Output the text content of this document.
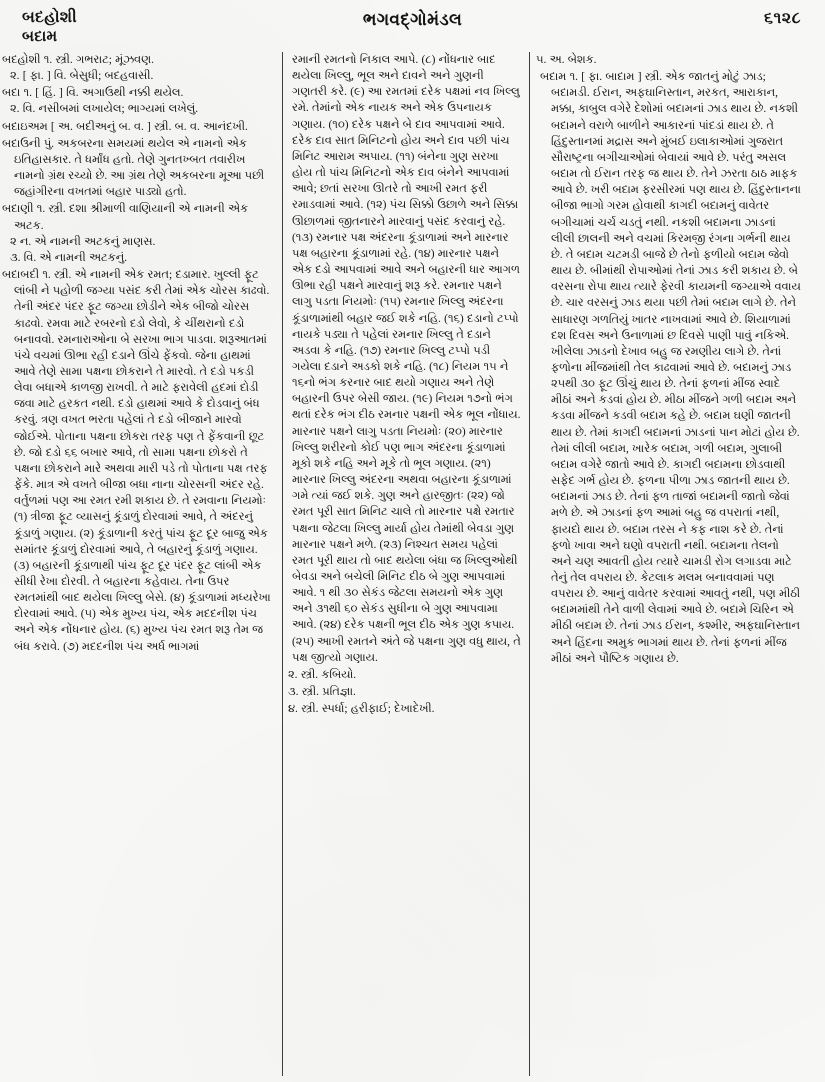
બદહોશી
બદામ
ભગવદ્ગોમંડલ	૬૧૨૮

બદહોશી ૧. સ્ત્રી. ગભરાટ; મૂંઝવણ.

૨. [ ફા. ] વિ. બેસુધી; બદહવાસી.

બદા ૧. [ હિં. ] વિ. અગાઉથી નક્કી થયેલ.

૨. વિ. નસીબમાં લખાયેલ; ભાગ્યમાં લખેલું.

બદાઇઅમ [ અ. બદીઅનું બ. વ. ] સ્ત્રી. બ. વ. આનંદખી.

બદાઉની પું. અકબરના સમયમાં થયેલ એ નામનો એક ઇતિહાસકાર. તે ધર્માંધ હતો. તેણે ગુનતખ્બત તવારીખ નામનો ગ્રંથ રચ્યો છે. આ ગ્રંથ તેણે અકબરના મૂઆ પછી જહાંગીરના વખતમાં બહાર પાડ્યો હતો.

બદાણી ૧. સ્ત્રી. દશા શ્રીમાળી વાણિયાની એ નામની એક અટક.

૨ ન. એ નામની અટકનું માણસ.

૩. વિ. એ નામની અટકનું.

બદાબદી ૧. સ્ત્રી. એ નામની એક રમત; દડામાર. ખુલ્લી ફૂટ લાંબી ને પહોળી જગ્યા પસંદ કરી તેમાં એક ચોરસ કાઢવો. તેની અંદર પંદર ફૂટ જગ્યા છોડીને એક બીજો ચોરસ કાઢવો. રમવા માટે રબરનો દડો લેવો, કે ચીંથરાનો દડો બનાવવો. રમનારાઓના બે સરખા ભાગ પાડવા. શરૂઆતમાં પંચે વચમાં ઊભા રહી દડાને ઊંચે ફેંકવો. જેના હાથમાં આવે તેણે સામા પક્ષના છોકરાને તે મારવો. તે દડો પકડી લેવા બધાએ કાળજી રાખવી. તે માટે ફરાવેલી હદમાં દોડી જવા માટે હરકત નથી. દડો હાથમાં આવે કે દોડવાનું બંધ કરવું. ત્રણ વખત ભરતા પહેલાં તે દડો બીજાને મારવો જોઈએ. પોતાના પક્ષના છોકરા તરફ પણ તે ફેંકવાની છૂટ છે. જો દડો ૬૬ બખાર આવે, તો સામા પક્ષના છોકરો તે પક્ષના છોકરાને મારે અથવા મારી પડે તો પોતાના પક્ષ તરફ ફેંકે. માત્ર એ વખતે બીજા બધા નાના ચોરસની અંદર રહે. વર્તુળમાં પણ આ રમત રમી શકાય છે. તે રમવાના નિયમોઃ (૧) ત્રીજા ફૂટ વ્યાસનું કૂંડાળું દોરવામાં આવે, તે અંદરનું કૂંડાળું ગણાય. (૨) કૂંડાળાની કરતું પાંચ ફૂટ દૂર બાજુ એક સમાંતર કૂંડાળું દોરવામાં આવે, તે બહારનું કૂંડાળું ગણાય. (૩) બહારની કૂંડાળાથી પાંચ ફૂટ દૂર પંદર ફૂટ લાંબી એક સીધી રેખા દોરવી. તે બહારના કહેવાય. તેના ઉપર રમતમાંથી બાદ થયેલા ખિલ્લુ બેસે. (૪) કૂંડાળામાં મધ્યરેખા દોરવામાં આવે. (૫) એક મુખ્ય પંચ, એક મદદનીશ પંચ અને એક નોંધનાર હોય. (૬) મુખ્ય પંચ રમત શરૂ તેમ જ બંધ કરાવે. (૭) મદદનીશ પંચ અર્ધ ભાગમાં

રમાની રમતનો નિકાલ આપે. (૮) નોંધનાર બાદ થયેલા ખિલ્લુ, ભૂલ અને દાવને અને ગુણની ગણતરી કરે. (૯) આ રમતમાં દરેક પક્ષમાં નવ ખિલ્લુ રમે. તેમાંનો એક નાયક અને એક ઉપનાયક ગણાય. (૧૦) દરેક પક્ષને બે દાવ આપવામાં આવે. દરેક દાવ સાત મિનિટનો હોય અને દાવ પછી પાંચ મિનિટ આરામ અપાય. (૧૧) બંનેના ગુણ સરખા હોય તો પાંચ મિનિટનો એક દાવ બંનેને આપવામાં આવે; છતાં સરખા ઊતરે તો આખી રમત ફરી રમાડવામાં આવે. (૧૨) પંચ સિક્કો ઉછાળે અને સિક્કા ઊછાળમાં જીતનારને મારવાનું પસંદ કરવાનું રહે. (૧૩) રમનાર પક્ષ અંદરના કૂંડાળામાં અને મારનાર પક્ષ બહારના કૂંડાળામાં રહે. (૧૪) મારનાર પક્ષને એક દડો આપવામાં આવે અને બહારની ધાર આગળ ઊભા રહી પક્ષને મારવાનું શરૂ કરે. રમનાર પક્ષને લાગુ પડતા નિયમોઃ (૧૫) રમનાર ખિલ્લુ અંદરના કૂંડાળામાંથી બહાર જઈ શકે નહિ. (૧૬) દડાનો ટપ્પો નાયકે પડ્યા તે પહેલાં રમનાર ખિલ્લુ તે દડાને અડવા કે નહિ. (૧૭) રમનાર ખિલ્લુ ટપ્પો પડી ગયેલા દડાને અડકો શકે નહિ. (૧૮) નિયમ ૧૫ ને ૧૬નો ભંગ કરનાર બાદ થયો ગણાય અને તેણે બહારની ઉપર બેસી જાય. (૧૯) નિયમ ૧૭નો ભંગ થતાં દરેક ભંગ દીઠ રમનાર પક્ષની એક ભૂલ નોંધાય. મારનાર પક્ષને લાગુ પડતા નિયમોઃ (૨૦) મારનાર ખિલ્લુ શરીરનો કોઈ પણ ભાગ અંદરના કૂંડાળામાં મૂકો શકે નહિ અને મૂકે તો ભૂલ ગણાય. (૨૧) મારનાર ખિલ્લુ અંદરના અથવા બહારના કૂંડાળામાં ગમે ત્યાં જઈ શકે. ગુણ અને હારજીતઃ (૨૨) જો રમત પૂરી સાત મિનિટ ચાલે તો મારનાર પક્ષે રમતાર પક્ષના જેટલા ખિલ્લુ માર્યા હોય તેમાંથી બેવડા ગુણ મારનાર પક્ષને મળે. (૨૩) નિશ્ચત સમય પહેલાં રમત પૂરી થાય તો બાદ થયેલા બંધા જ ખિલ્લુઓથી બેવડા અને બચેલી મિનિટ દીઠ બે ગુણ આપવામાં આવે. ૧ થી ૩૦ સેકંડ જેટલા સમયનો એક ગુણ અને ૩૧થી ૬૦ સેકંડ સુધીના બે ગુણ આપવામા આવે. (૨૪) દરેક પક્ષની ભૂલ દીઠ એક ગુણ કપાય. (૨૫) આખી રમતને અંતે જે પક્ષના ગુણ વધુ થાય, તે પક્ષ જીત્યો ગણાય.

૨. સ્ત્રી. કબિયો.

૩. સ્ત્રી. પ્રતિજ્ઞા.

૪. સ્ત્રી. સ્પર્ધા; હરીફાઈ; દેખાદેખી.

૫. અ. બેશક.

બદામ ૧. [ ફા. બાદામ ] સ્ત્રી. એક જાતનું મોટું ઝાડ; બદામડી. ઈરાન, અફઘાનિસ્તાન, મરકત, આરાકાન, મક્કા, કાબુલ વગેરે દેશોમાં બદામનાં ઝાડ થાય છે. નકશી બદામને વરાળે બાળીને આકારનાં પાંદડાં થાય છે. તે હિંદુસ્તાનમાં મદ્રાસ અને મુંબઈ ઇલાકાઓમાં ગુજરાત સૌરાષ્ટ્રના બગીચાઓમાં બેવાયાં આવે છે. પરંતુ અસલ બદામ તો ઈરાન તરફ જ થાય છે. તેને ઝરતા ઠાઠ માફક આવે છે. ખરી બદામ ફરસીરમાં પણ થાય છે. હિંદુસ્તાનના બીજા ભાગો ગરમ હોવાથી કાગદી બદામનું વાવેતર બગીચામાં ચર્ચ ચડતું નથી. નકશી બદામના ઝાડનાં લીલી છાલની અને વચમાં કિરમજી રંગના ગર્ભની થાય છે. તે બદામ ચટમડી બાજે છે તેનો ફળીયો બદામ જેવો થાય છે. બીમાંથી રોપાઓમાં તેનાં ઝાડ કરી શકાય છે. બે વરસના રોપા થાય ત્યારે ફેરવી કાયમની જગ્યાએ વવાય છે. ચાર વરસનું ઝાડ થયા પછી તેમાં બદામ લાગે છે. તેને સાધારણ ગળતિયું ખાતર નાખવામાં આવે છે. શિયાળામાં દશ દિવસ અને ઉનાળામાં છ દિવસે પાણી પાવું નકિએ. ખીલેલા ઝાડનો દેખાવ બહુ જ રમણીય લાગે છે. તેનાં ફળોના મીંજમાંથી તેલ કાઢવામાં આવે છે. બદામનું ઝાડ ૨૫થી ૩૦ ફૂટ ઊંચું થાય છે. તેનાં ફળનાં મીંજ સ્વાદે મીઠાં અને કડવાં હોય છે. મીઠા મીંજને ગળી બદામ અને કડવા મીંજને કડવી બદામ કહે છે. બદામ ઘણી જાતની થાય છે. તેમાં કાગદી બદામનાં ઝાડનાં પાન મોટાં હોય છે. તેમાં લીલી બદામ, ખારેક બદામ, ગળી બદામ, ગુલાબી બદામ વગેરે જાતો આવે છે. કાગદી બદામના છોડવાથી સફેદ ગર્ભ હોય છે. ફળના પીળા ઝાડ જાતની થાય છે. બદામનાં ઝાડ છે. તેનાં ફળ તાજાં બદામની જાતો જેવાં મળે છે. એ ઝાડનાં ફળ આમાં બહુ જ વપરાતાં નથી, ફાયદો થાય છે. બદામ તરસ ને કફ નાશ કરે છે. તેનાં ફળો ખાવા અને ઘણો વપરાતી નથી. બદામના તેલનો અને ચણ આવતી હોય ત્યારે ચામડી રોગ લગાડવા માટે તેનું તેલ વપરાય છે. કેટલાક મલમ બનાવવામાં પણ વપરાય છે. આનું વાવેતર કરવામાં આવતું નથી, પણ મીઠી બદામમાંથી તેને વાળી લેવામાં આવે છે. બદામે ચિરિન એ મીઠી બદામ છે. તેનાં ઝાડ ઈરાન, કશ્મીર, અફઘાનિસ્તાન અને હિંદના અમુક ભાગમાં થાય છે. તેનાં ફળનાં મીંજ મીઠાં અને પૌષ્ટિક ગણાય છે.
